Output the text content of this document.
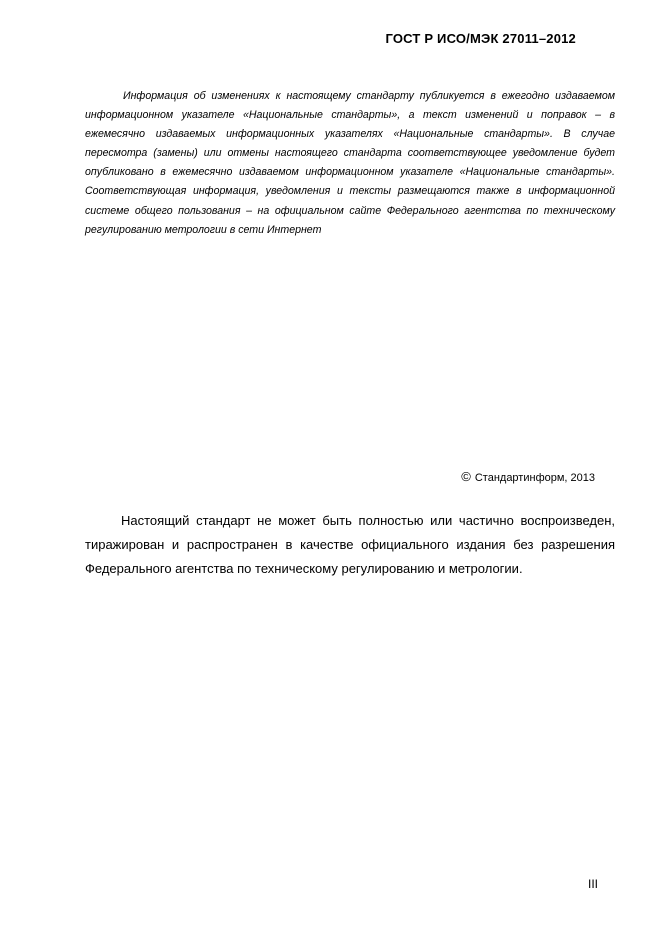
ГОСТ Р ИСО/МЭК 27011–2012

Информация об изменениях к настоящему стандарту публикуется в ежегодно издаваемом информационном указателе «Национальные стандарты», а текст изменений и поправок – в ежемесячно издаваемых информационных указателях «Национальные стандарты». В случае пересмотра (замены) или отмены настоящего стандарта соответствующее уведомление будет опубликовано в ежемесячно издаваемом информационном указателе «Национальные стандарты». Соответствующая информация, уведомления и тексты размещаются также в информационной системе общего пользования – на официальном сайте Федерального агентства по техническому регулированию метрологии в сети Интернет

© Стандартинформ, 2013

Настоящий стандарт не может быть полностью или частично воспроизведен, тиражирован и распространен в качестве официального издания без разрешения Федерального агентства по техническому регулированию и метрологии.

III
